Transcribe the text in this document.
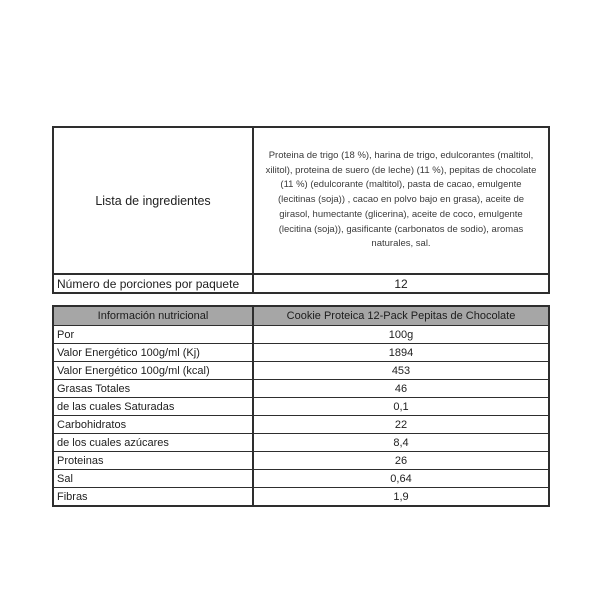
Lista de ingredientes	Proteina de trigo (18 %), harina de trigo, edulcorantes (maltitol, xilitol), proteina de suero (de leche) (11 %), pepitas de chocolate (11 %) (edulcorante (maltitol), pasta de cacao, emulgente (lecitinas (soja)) , cacao en polvo bajo en grasa), aceite de girasol, humectante (glicerina), aceite de coco, emulgente (lecitina (soja)), gasificante (carbonatos de sodio), aromas naturales, sal.
Número de porciones por paquete	12
Información nutricional	Cookie Proteica 12-Pack Pepitas de Chocolate
Por	100g
Valor Energético 100g/ml (Kj)	1894
Valor Energético 100g/ml (kcal)	453
Grasas Totales	46
de las cuales Saturadas	0,1
Carbohidratos	22
de los cuales azúcares	8,4
Proteinas	26
Sal	0,64
Fibras	1,9
